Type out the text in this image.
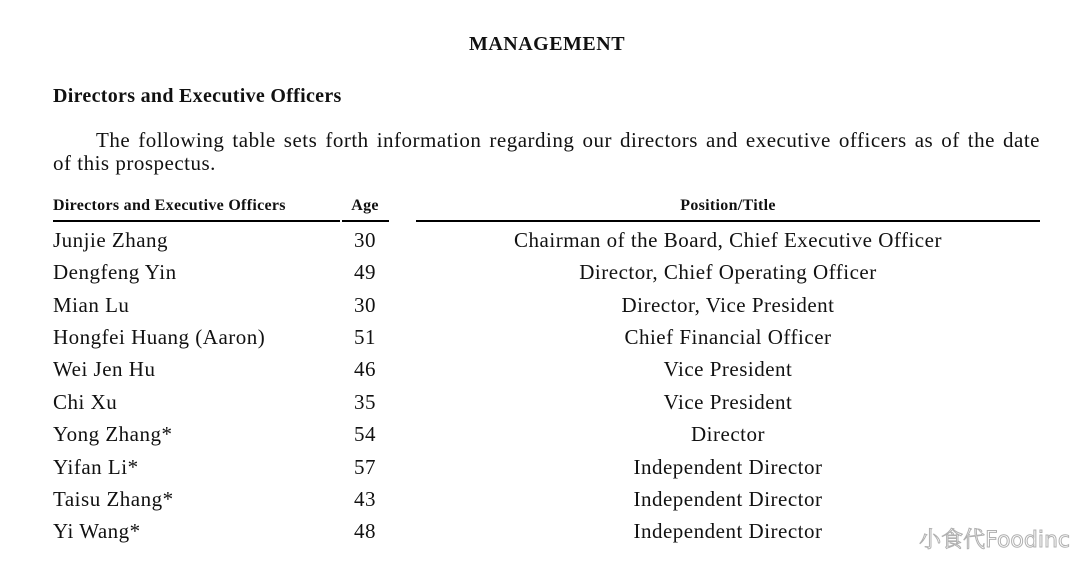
MANAGEMENT
Directors and Executive Officers
The following table sets forth information regarding our directors and executive officers as of the date
of this prospectus.
Directors and Executive Officers	Age	Position/Title
Junjie Zhang	30	Chairman of the Board, Chief Executive Officer
Dengfeng Yin	49	Director, Chief Operating Officer
Mian Lu	30	Director, Vice President
Hongfei Huang (Aaron)	51	Chief Financial Officer
Wei Jen Hu	46	Vice President
Chi Xu	35	Vice President
Yong Zhang*	54	Director
Yifan Li*	57	Independent Director
Taisu Zhang*	43	Independent Director
Yi Wang*	48	Independent Director	小食代Foodinc
